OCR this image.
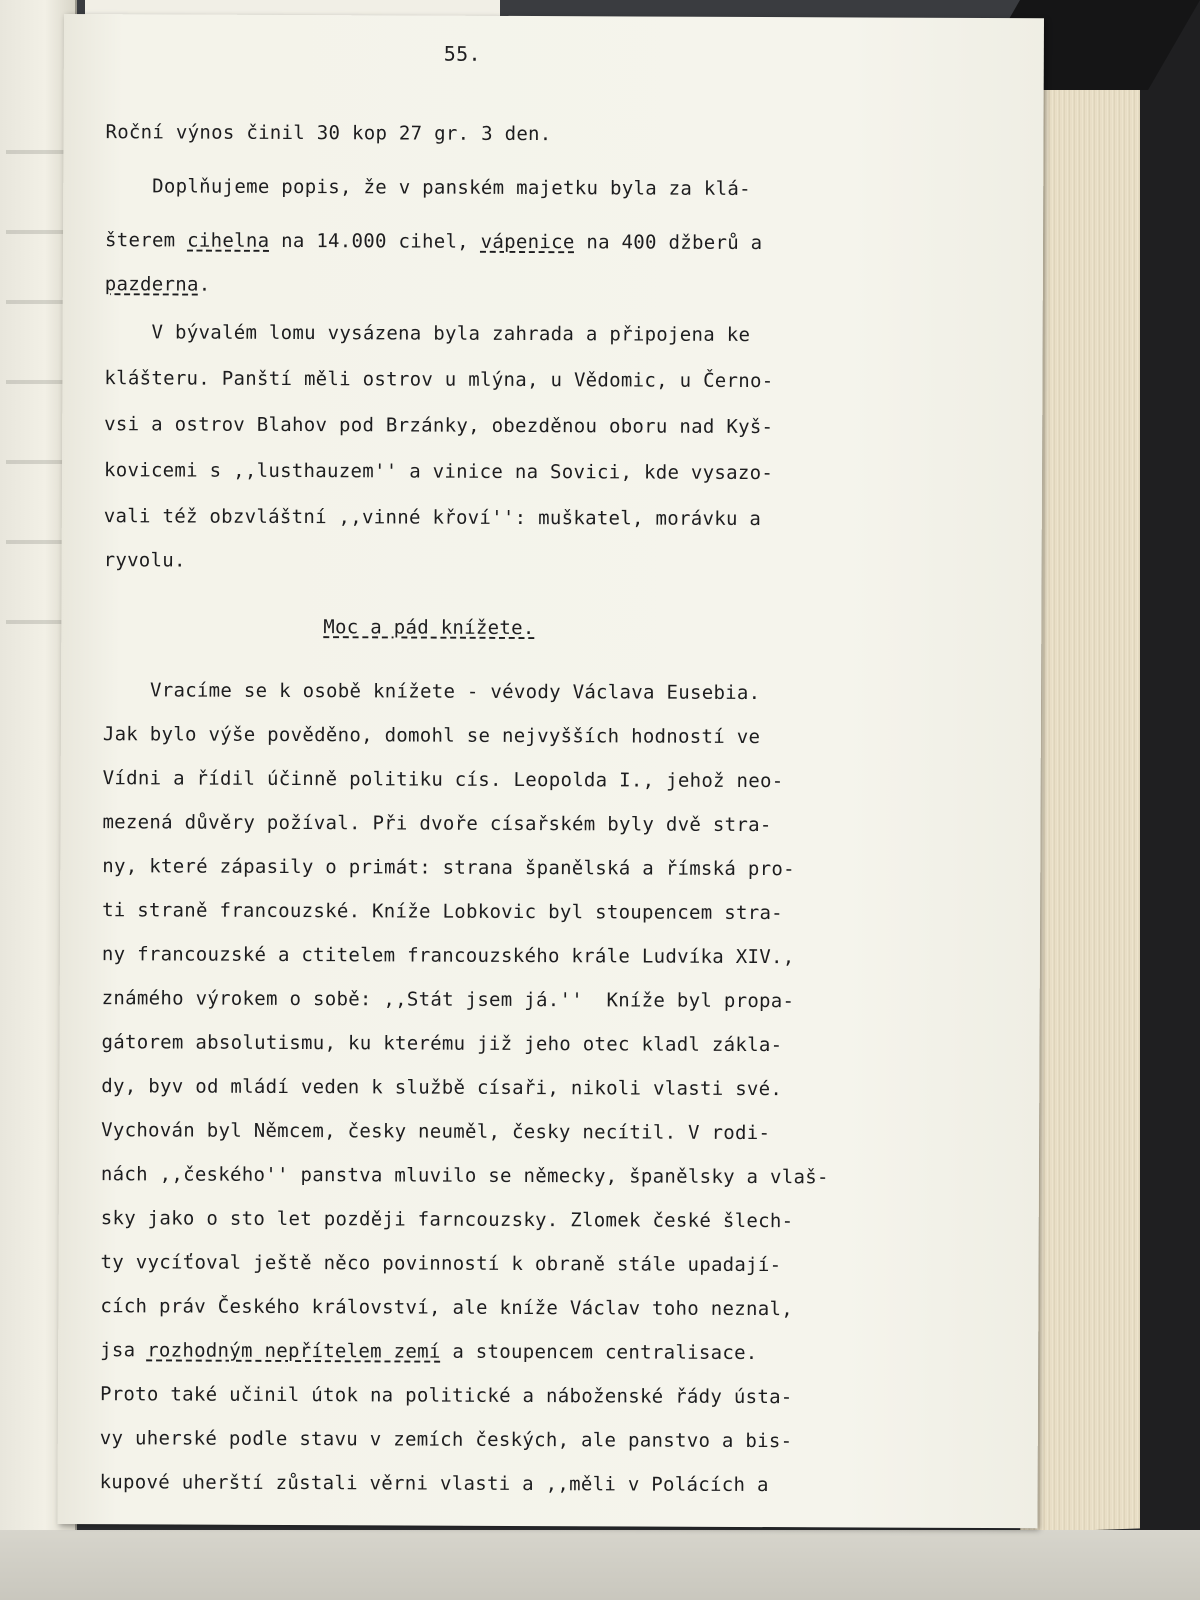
55.
Roční výnos činil 30 kop 27 gr. 3 den.
Doplňujeme popis, že v panském majetku byla za klá-
šterem cihelna na 14.000 cihel, vápenice na 400 džberů a
pazderna.
V bývalém lomu vysázena byla zahrada a připojena ke
klášteru. Panští měli ostrov u mlýna, u Vědomic, u Černo-
vsi a ostrov Blahov pod Brzánky, obezděnou oboru nad Kyš-
kovicemi s ,,lusthauzem'' a vinice na Sovici, kde vysazo-
vali též obzvláštní ,,vinné křoví'': muškatel, morávku a
ryvolu.
Moc a pád knížete.
Vracíme se k osobě knížete - vévody Václava Eusebia.
Jak bylo výše pověděno, domohl se nejvyšších hodností ve
Vídni a řídil účinně politiku cís. Leopolda I., jehož neo-
mezená důvěry požíval. Při dvoře císařském byly dvě stra-
ny, které zápasily o primát: strana španělská a římská pro-
ti straně francouzské. Kníže Lobkovic byl stoupencem stra-
ny francouzské a ctitelem francouzského krále Ludvíka XIV.,
známého výrokem o sobě: ,,Stát jsem já.''  Kníže byl propa-
gátorem absolutismu, ku kterému již jeho otec kladl zákla-
dy, byv od mládí veden k službě císaři, nikoli vlasti své.
Vychován byl Němcem, česky neuměl, česky necítil. V rodi-
nách ,,českého'' panstva mluvilo se německy, španělsky a vlaš-
sky jako o sto let později farncouzsky. Zlomek české šlech-
ty vycíťoval ještě něco povinností k obraně stále upadají-
cích práv Českého království, ale kníže Václav toho neznal,
jsa rozhodným nepřítelem zemí a stoupencem centralisace.
Proto také učinil útok na politické a náboženské řády ústa-
vy uherské podle stavu v zemích českých, ale panstvo a bis-
kupové uherští zůstali věrni vlasti a ,,měli v Polácích a
